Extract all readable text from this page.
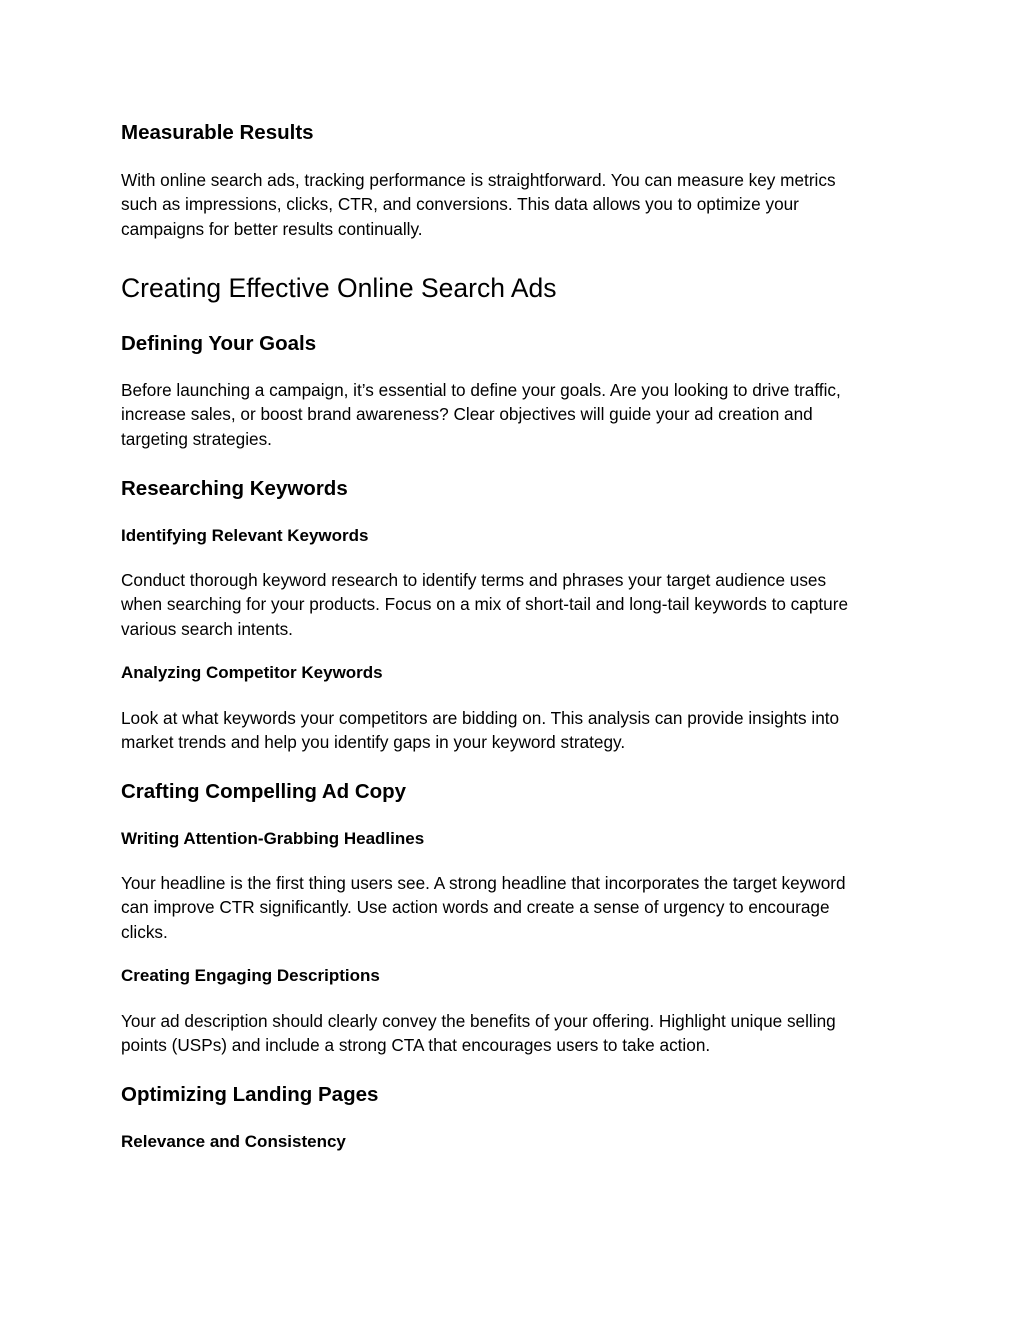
Measurable Results

With online search ads, tracking performance is straightforward. You can measure key metrics
such as impressions, clicks, CTR, and conversions. This data allows you to optimize your
campaigns for better results continually.

Creating Effective Online Search Ads
Defining Your Goals

Before launching a campaign, it’s essential to define your goals. Are you looking to drive traffic,
increase sales, or boost brand awareness? Clear objectives will guide your ad creation and
targeting strategies.

Researching Keywords
Identifying Relevant Keywords

Conduct thorough keyword research to identify terms and phrases your target audience uses
when searching for your products. Focus on a mix of short-tail and long-tail keywords to capture
various search intents.

Analyzing Competitor Keywords

Look at what keywords your competitors are bidding on. This analysis can provide insights into
market trends and help you identify gaps in your keyword strategy.

Crafting Compelling Ad Copy
Writing Attention-Grabbing Headlines

Your headline is the first thing users see. A strong headline that incorporates the target keyword
can improve CTR significantly. Use action words and create a sense of urgency to encourage
clicks.

Creating Engaging Descriptions

Your ad description should clearly convey the benefits of your offering. Highlight unique selling
points (USPs) and include a strong CTA that encourages users to take action.

Optimizing Landing Pages
Relevance and Consistency
